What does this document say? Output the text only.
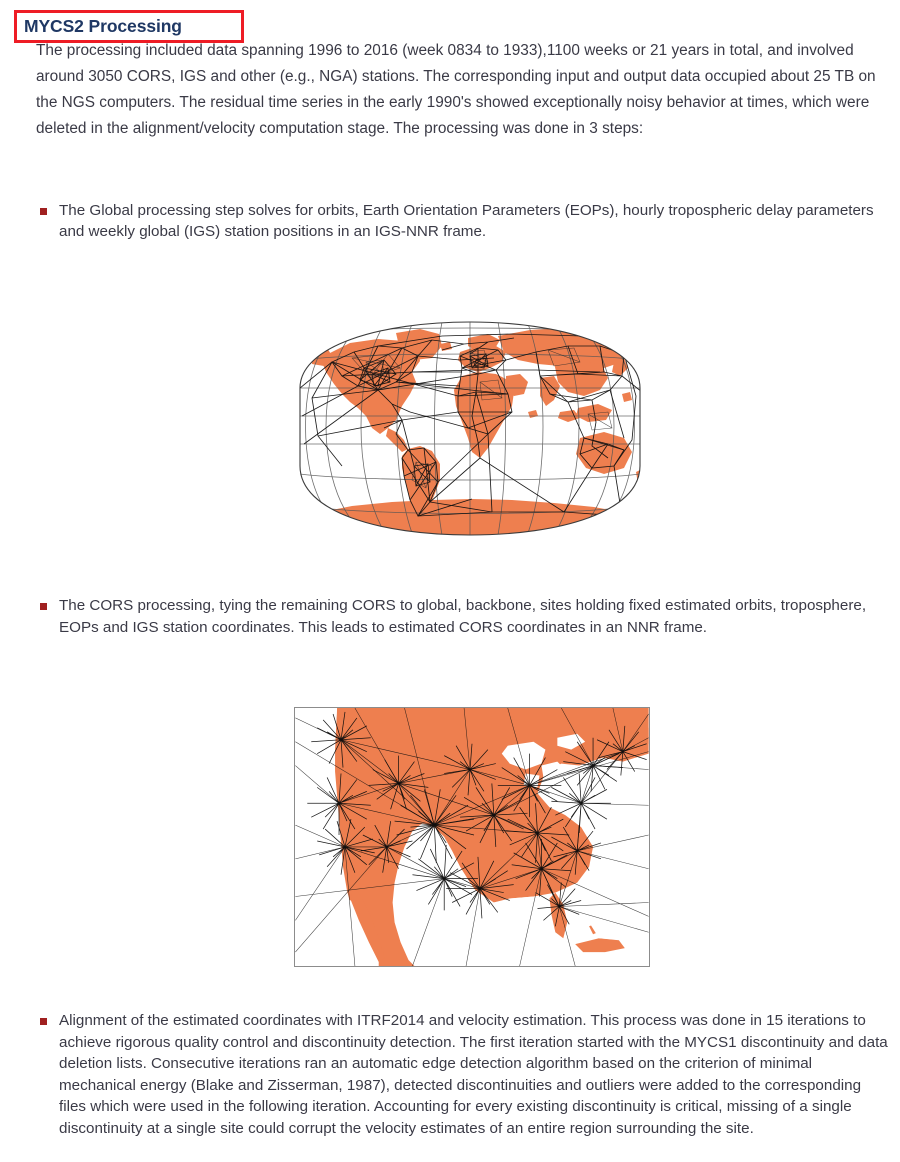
MYCS2 Processing
The processing included data spanning 1996 to 2016 (week 0834 to 1933),1100 weeks or 21 years in total, and involved around 3050 CORS, IGS and other (e.g., NGA) stations. The corresponding input and output data occupied about 25 TB on the NGS computers. The residual time series in the early 1990's showed exceptionally noisy behavior at times, which were deleted in the alignment/velocity computation stage. The processing was done in 3 steps:
The Global processing step solves for orbits, Earth Orientation Parameters (EOPs), hourly tropospheric delay parameters and weekly global (IGS) station positions in an IGS-NNR frame.
The CORS processing, tying the remaining CORS to global, backbone, sites holding fixed estimated orbits, troposphere, EOPs and IGS station coordinates. This leads to estimated CORS coordinates in an NNR frame.
Alignment of the estimated coordinates with ITRF2014 and velocity estimation. This process was done in 15 iterations to achieve rigorous quality control and discontinuity detection. The first iteration started with the MYCS1 discontinuity and data deletion lists. Consecutive iterations ran an automatic edge detection algorithm based on the criterion of minimal mechanical energy (Blake and Zisserman, 1987), detected discontinuities and outliers were added to the corresponding files which were used in the following iteration. Accounting for every existing discontinuity is critical, missing of a single discontinuity at a single site could corrupt the velocity estimates of an entire region surrounding the site.
